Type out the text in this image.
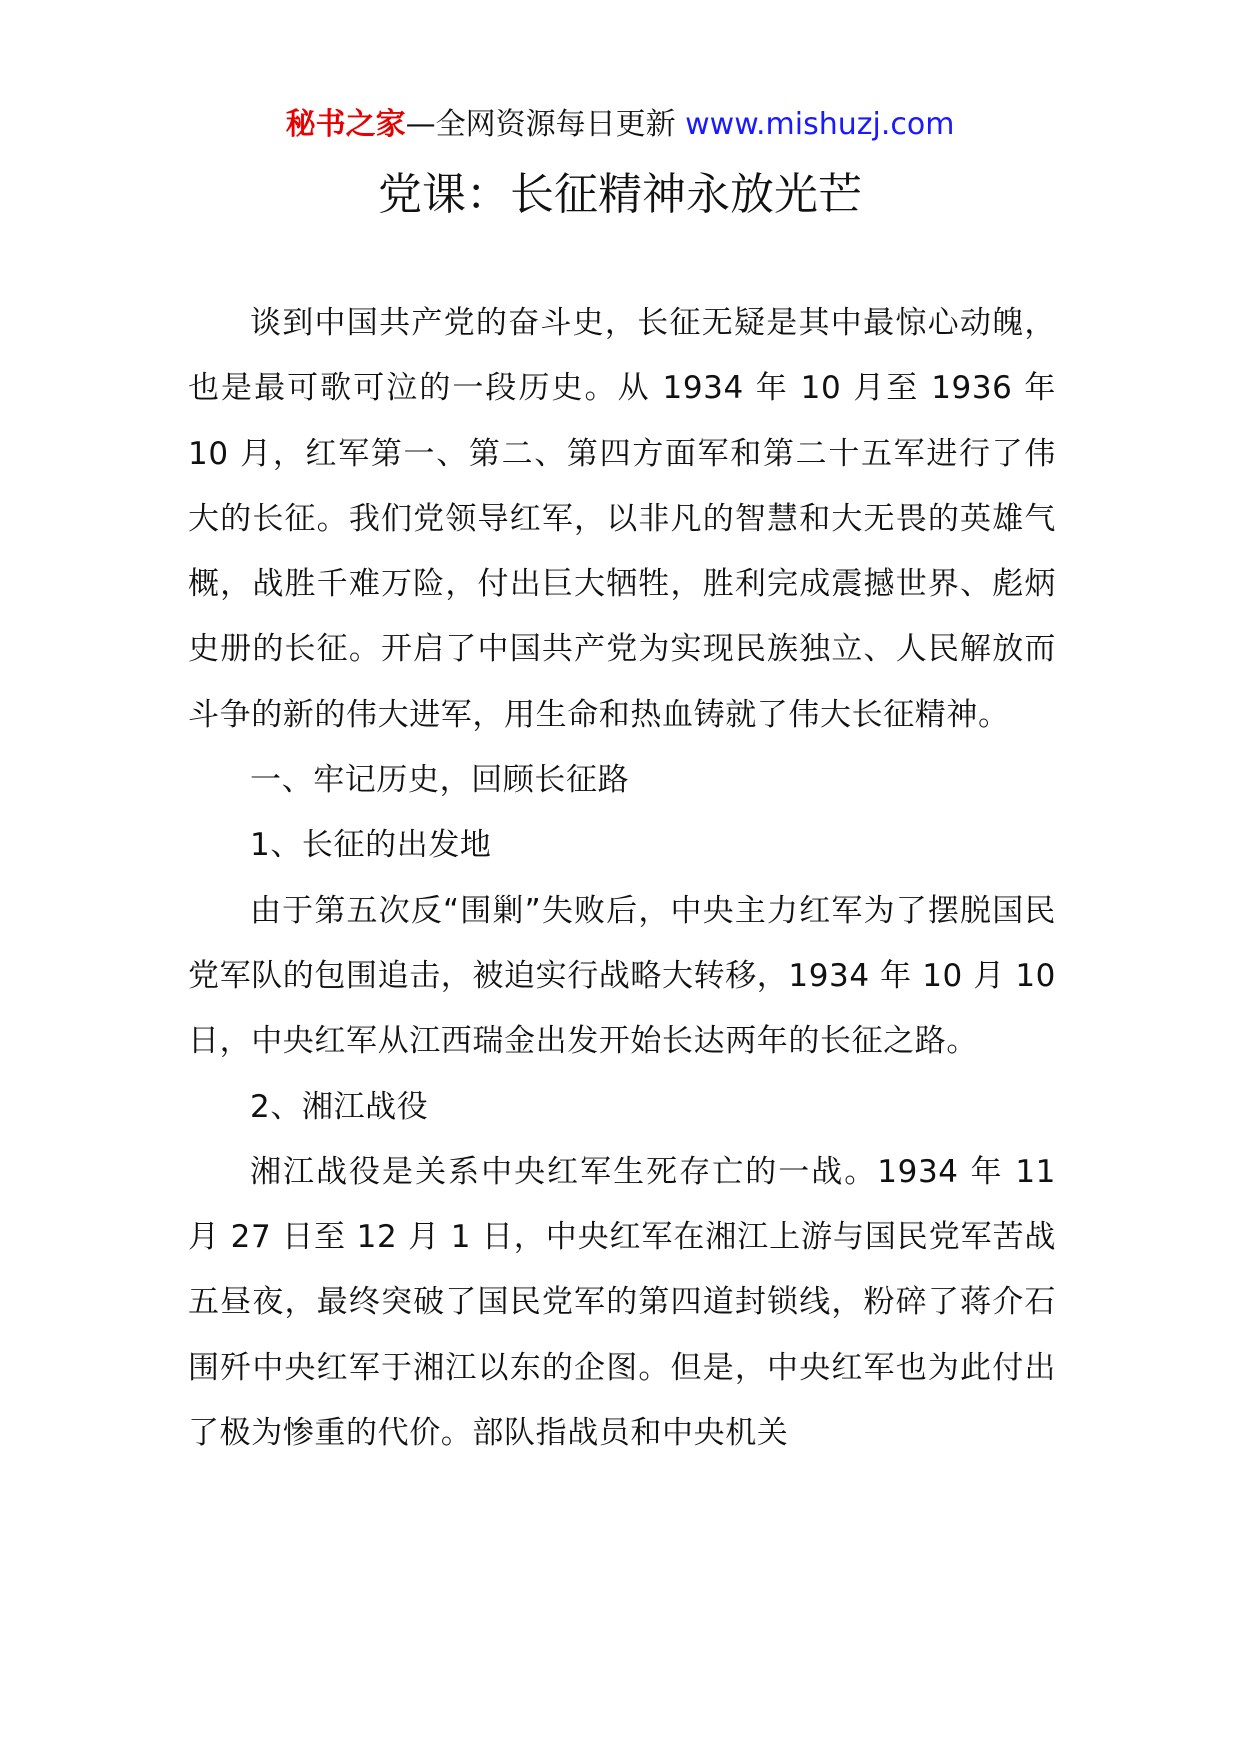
秘书之家—全网资源每日更新 www.mishuzj.com
党课：长征精神永放光芒

谈到中国共产党的奋斗史，长征无疑是其中最惊心动魄，也是最可歌可泣的一段历史。从 1934 年 10 月至 1936 年 10 月，红军第一、第二、第四方面军和第二十五军进行了伟大的长征。我们党领导红军，以非凡的智慧和大无畏的英雄气概，战胜千难万险，付出巨大牺牲，胜利完成震撼世界、彪炳史册的长征。开启了中国共产党为实现民族独立、人民解放而斗争的新的伟大进军，用生命和热血铸就了伟大长征精神。

一、牢记历史，回顾长征路

1、长征的出发地

由于第五次反“围剿”失败后，中央主力红军为了摆脱国民党军队的包围追击，被迫实行战略大转移，1934 年 10 月 10 日，中央红军从江西瑞金出发开始长达两年的长征之路。

2、湘江战役

湘江战役是关系中央红军生死存亡的一战。1934 年 11 月 27 日至 12 月 1 日，中央红军在湘江上游与国民党军苦战五昼夜，最终突破了国民党军的第四道封锁线，粉碎了蒋介石围歼中央红军于湘江以东的企图。但是，中央红军也为此付出了极为惨重的代价。部队指战员和中央机关
